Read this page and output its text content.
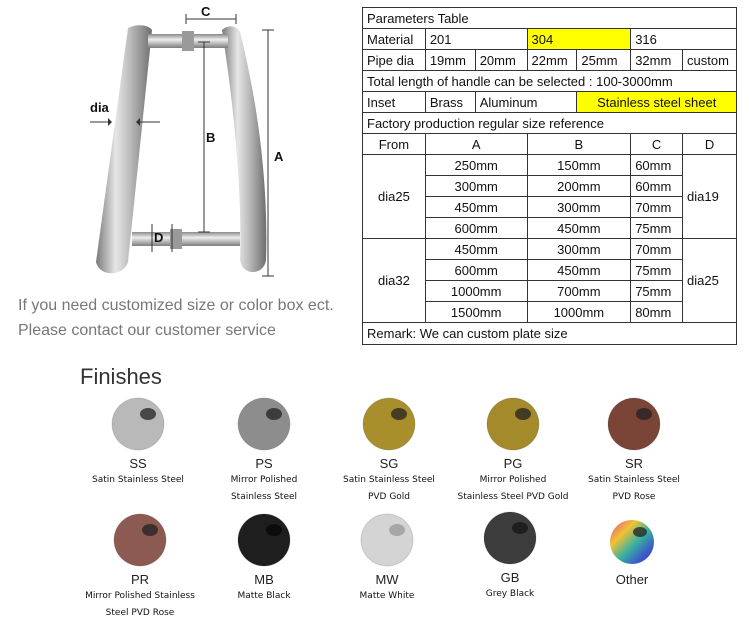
C
B
A
D
dia
If you need customized size or color box ect.
Please contact our customer service
Parameters Table						
Material	201		304		316	
Pipe dia	19mm	20mm	22mm	25mm	32mm	custom
Total length of handle can be selected : 100-3000mm						
Inset	Brass	Aluminum		Stainless steel sheet		
Factory production regular size reference						
From	A		B		C	D
dia25	250mm		150mm		60mm	dia19
	300mm		200mm		60mm	
	450mm		300mm		70mm	
	600mm		450mm		75mm	
dia32	450mm		300mm		70mm	dia25
	600mm		450mm		75mm	
	1000mm		700mm		75mm	
	1500mm		1000mm		80mm	
Remark: We can custom plate size						
Finishes
SS
Satin Stainless Steel
PS
Mirror Polished
Stainless Steel
SG
Satin Stainless Steel
PVD Gold
PG
Mirror Polished
Stainless Steel PVD Gold
SR
Satin Stainless Steel
PVD Rose
PR
Mirror Polished Stainless
Steel PVD Rose
MB
Matte Black
MW
Matte White
GB
Grey Black
Other
